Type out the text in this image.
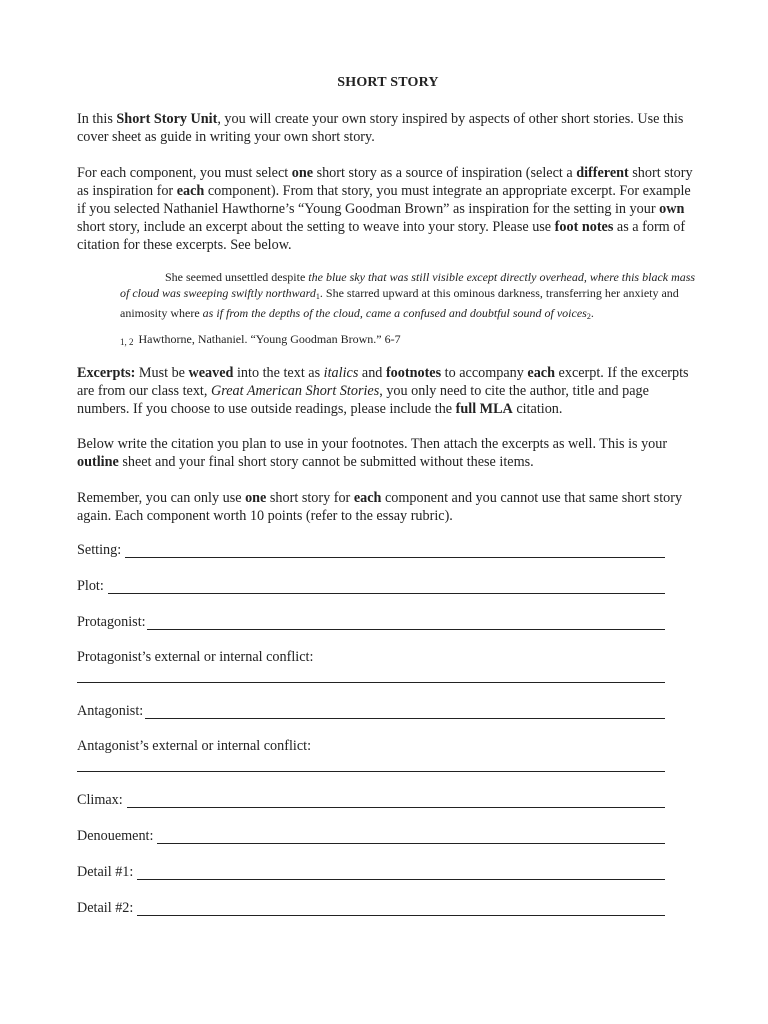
SHORT STORY
In this Short Story Unit, you will create your own story inspired by aspects of other short stories. Use this cover sheet as guide in writing your own short story.
For each component, you must select one short story as a source of inspiration (select a different short story as inspiration for each component). From that story, you must integrate an appropriate excerpt. For example if you selected Nathaniel Hawthorne’s “Young Goodman Brown” as inspiration for the setting in your own short story, include an excerpt about the setting to weave into your story. Please use foot notes as a form of citation for these excerpts. See below.
She seemed unsettled despite the blue sky that was still visible except directly overhead, where this black mass of cloud was sweeping swiftly northward$_1$. She starred upward at this ominous darkness, transferring her anxiety and animosity where as if from the depths of the cloud, came a confused and doubtful sound of voices$_2$.
1, 2 Hawthorne, Nathaniel. “Young Goodman Brown.” 6-7
Excerpts: Must be weaved into the text as italics and footnotes to accompany each excerpt. If the excerpts are from our class text, Great American Short Stories, you only need to cite the author, title and page numbers. If you choose to use outside readings, please include the full MLA citation.
Below write the citation you plan to use in your footnotes. Then attach the excerpts as well. This is your outline sheet and your final short story cannot be submitted without these items.
Remember, you can only use one short story for each component and you cannot use that same short story again. Each component worth 10 points (refer to the essay rubric).
Setting:
Plot:
Protagonist:
Protagonist’s external or internal conflict:
Antagonist:
Antagonist’s external or internal conflict:
Climax:
Denouement:
Detail #1:
Detail #2:
